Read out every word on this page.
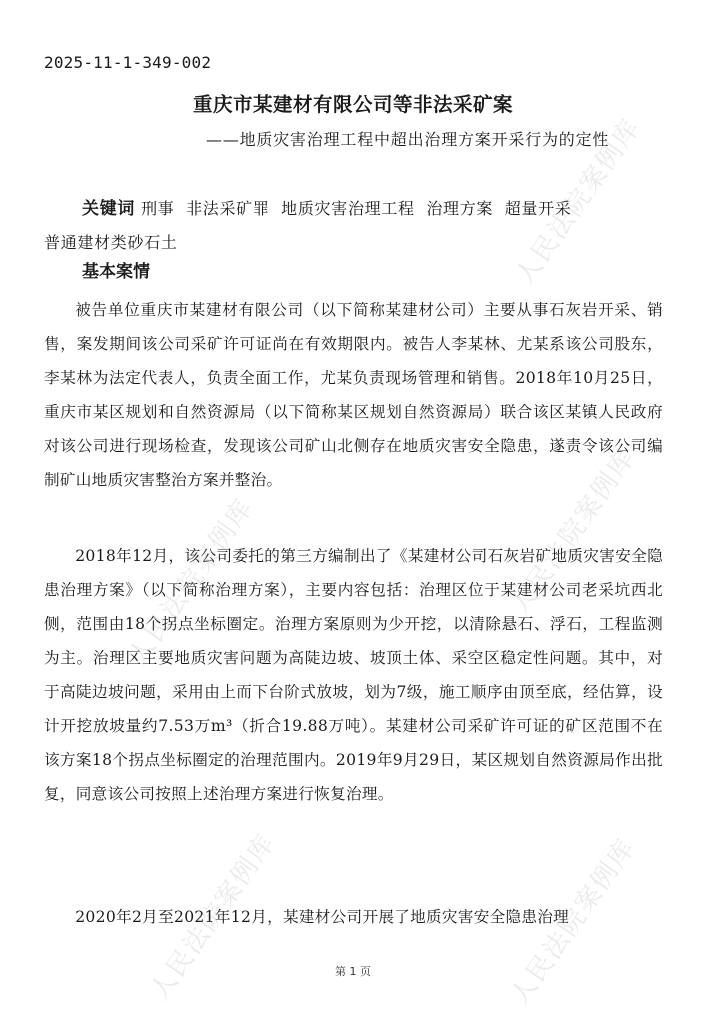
2025-11-1-349-002
重庆市某建材有限公司等非法采矿案
——地质灾害治理工程中超出治理方案开采行为的定性
关键词 刑事  非法采矿罪  地质灾害治理工程  治理方案  超量开采
普通建材类砂石土
基本案情

被告单位重庆市某建材有限公司（以下简称某建材公司）主要从事石灰岩开采、销售，案发期间该公司采矿许可证尚在有效期限内。被告人李某林、尤某系该公司股东，李某林为法定代表人，负责全面工作，尤某负责现场管理和销售。2018年10月25日，重庆市某区规划和自然资源局（以下简称某区规划自然资源局）联合该区某镇人民政府对该公司进行现场检查，发现该公司矿山北侧存在地质灾害安全隐患，遂责令该公司编制矿山地质灾害整治方案并整治。

2018年12月，该公司委托的第三方编制出了《某建材公司石灰岩矿地质灾害安全隐患治理方案》（以下简称治理方案），主要内容包括：治理区位于某建材公司老采坑西北侧，范围由18个拐点坐标圈定。治理方案原则为少开挖，以清除悬石、浮石，工程监测为主。治理区主要地质灾害问题为高陡边坡、坡顶土体、采空区稳定性问题。其中，对于高陡边坡问题，采用由上而下台阶式放坡，划为7级，施工顺序由顶至底，经估算，设计开挖放坡量约7.53万m³（折合19.88万吨）。某建材公司采矿许可证的矿区范围不在该方案18个拐点坐标圈定的治理范围内。2019年9月29日，某区规划自然资源局作出批复，同意该公司按照上述治理方案进行恢复治理。

2020年2月至2021年12月，某建材公司开展了地质灾害安全隐患治理

第 1 页
人民法院案例库
人民法院案例库	人民法院案例库
人民法院案例库	人民法院案例库
